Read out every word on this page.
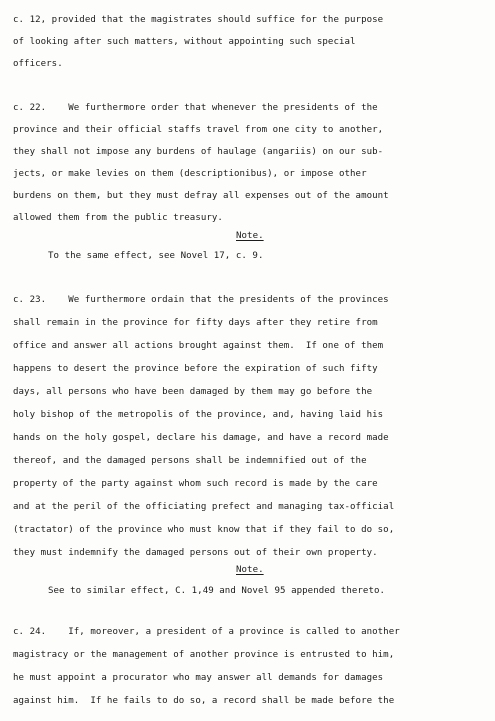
c. 12, provided that the magistrates should suffice for the purpose
of looking after such matters, without appointing such special
officers.
c. 22.    We furthermore order that whenever the presidents of the
province and their official staffs travel from one city to another,
they shall not impose any burdens of haulage (angariis) on our sub-
jects, or make levies on them (descriptionibus), or impose other
burdens on them, but they must defray all expenses out of the amount
allowed them from the public treasury.
Note.
To the same effect, see Novel 17, c. 9.
c. 23.    We furthermore ordain that the presidents of the provinces
shall remain in the province for fifty days after they retire from
office and answer all actions brought against them.  If one of them
happens to desert the province before the expiration of such fifty
days, all persons who have been damaged by them may go before the
holy bishop of the metropolis of the province, and, having laid his
hands on the holy gospel, declare his damage, and have a record made
thereof, and the damaged persons shall be indemnified out of the
property of the party against whom such record is made by the care
and at the peril of the officiating prefect and managing tax-official
(tractator) of the province who must know that if they fail to do so,
they must indemnify the damaged persons out of their own property.
Note.
See to similar effect, C. 1,49 and Novel 95 appended thereto.
c. 24.    If, moreover, a president of a province is called to another
magistracy or the management of another province is entrusted to him,
he must appoint a procurator who may answer all demands for damages
against him.  If he fails to do so, a record shall be made before the
